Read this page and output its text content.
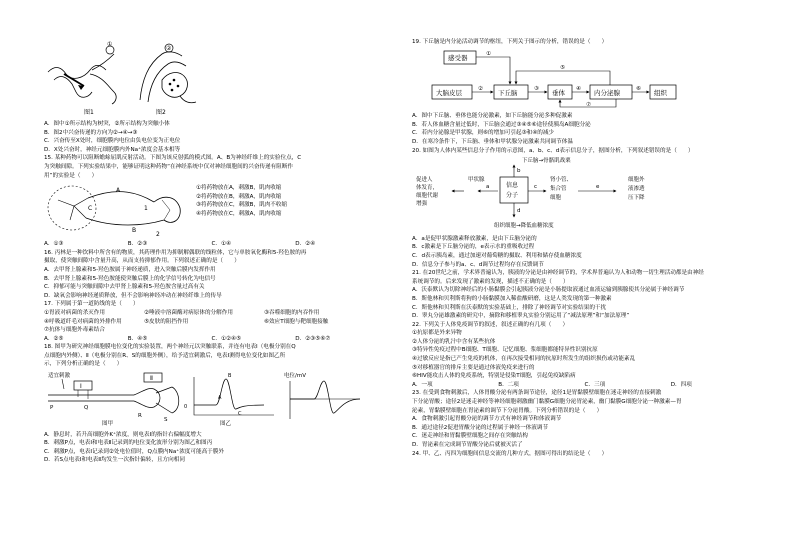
①
②
图1	图2

A．图中①所示结构为树突，②所示结构为突触小体

B．图2中兴奋传递的方向为②→④→③

C．兴奋传至X处时，细胞膜内电位由负电位变为正电位

D．X处兴奋时，神经元细胞膜内外Na⁺浓度会基本相等

15. 某种药物可以阻断蟾蜍屈肌反射活动。下图为该反射弧的模式图。A、B为神经纤维上的实验位点，C

为突触间隙。下列实验结果中，能够证明这种药物“在神经系统中仅对神经细胞间的兴奋传递有阻断作

用”的实验是（　　）

A
B
C	1
2

①将药物放在A，刺激B，肌肉收缩

②将药物放在B，刺激A，肌肉收缩

③将药物放在C，刺激B，肌肉不收缩

④将药物放在C，刺激A，肌肉收缩

A．①③	B．②③	C．①④	D．②④

16. 丙林是一种饮料中所含有的物质，其药理作用为抑制解偶联的线粒体，它与单胺氧化酶和5-羟色胺的再

摄取，使突触间隙中含量升高，从而支持抑郁作用。下列叙述正确的是（　　）

A．去甲肾上腺素和5-羟色胺属于神经递质，进入突触后膜内发挥作用

B．去甲肾上腺素和5-羟色胺能使突触后膜上的化学信号转化为电信号

C．抑郁可能与突触间隙中去甲肾上腺素和5-羟色胺含量过高有关

D．缺氧会影响神经递质释放，但不会影响神经冲动在神经纤维上的传导

17. 下列属于第一道防线的是（　　）

①胃液对病菌的杀灭作用	②唾液中溶菌酶对病原体的分解作用	③吞噬细胞的内吞作用
④呼吸道纤毛对病菌的外排作用	⑤皮肤的阻挡作用	⑥效应T细胞与靶细胞接触
⑦抗体与细胞外毒素结合
A．②⑤	B．④⑤	C．①②④⑤	D．②③⑤⑥⑦

18. 图甲为研究神经细胞膜电位变化的实验装置，两个神经元以突触联系，并连有电表Ⅰ（电极分别在Q

点细胞内外侧）、Ⅱ（电极分别在R、S的细胞外侧），给予适宜刺激后，电表Ⅰ测得电位变化如图乙所

示，下列分析正确的是（　　）

适宜刺激
Ⅰ
P	Q
Ⅱ
R
S
图甲
0
A
B
C
图乙
电位/mV

A．静息时，若升高细胞外K⁺浓度，则电表Ⅰ的指针右偏幅度增大

B．刺激P点，电表Ⅰ和电表Ⅱ记录到的电位变化波形分别为图乙和图丙

C．刺激P点，电表Ⅰ记录到②处电位值时，Q点膜内Na⁺浓度可能高于膜外

D．若S点电表Ⅰ和电表Ⅱ均发生一次指针偏转，且方向相同

19. 下丘脑是内分泌活动调节的枢纽，下列关于图示的分析，错误的是（　　）

感受器
大脑皮层	下丘脑	垂体	内分泌腺	组织
①
②	③	④
⑤
⑥
⑦

A．图中下丘脑、垂体也能分泌激素，如下丘脑能分泌多种促激素

B．若人体血糖含量过低时，下丘脑会通过③④⑤⑥途径使胰岛A细胞分泌

C．若内分泌腺是甲状腺，则⑥的增加可引起③和④的减少

D．在寒冷条件下，下丘脑、垂体和甲状腺分泌激素共同调节体温

20. 如图为人体内某些信息分子作用的示意图，a、b、c、d表示信息分子，据图分析，下列叙述错误的是（　　）

下丘脑→骨骼肌战栗
促进人
体发育，
细胞代谢
增强
甲状腺
a	信息
分子
b
c
肾小管、
集合管
细胞
e
细胞外
液渗透
压下降
d
组织细胞→降低血糖浓度

A．a是促甲状腺激素释放激素，是由下丘脑分泌的

B．c激素是下丘脑分泌的，e表示水的重吸收过程

C．d表示胰岛素，通过加速对葡萄糖的摄取、利用和储存使血糖浓度

D．信息分子参与的a、c、d调节过程均存在反馈调节

21. 在20世纪之前，学术界普遍认为，胰液的分泌是由神经调节的，学术界普遍认为人和动物一切生理活动都是由神经

系统调节的。后来发现了激素的发现，描述不正确的是（　　）

A．沃泰默认为切除神经后的小肠黏膜会引起胰液分泌是小肠提取液通过血液运输到胰腺使其分泌属于神经调节

B．斯他林和贝利斯将狗的小肠黏膜加入稀盐酸研磨，这是人类发现的第一种激素

C．斯他林和贝利斯在沃泰默的实验基础上，排除了神经调节对实验结果的干扰

D．睾丸分泌雄激素的研究中，摘除和移植睾丸实验分别运用了“减法原理”和“加法原理”

22. 下列关于人体免疫调节的叙述，叙述正确的有几项（　　）

①抗原都是外来异物

②人体分泌的乳汁中含有某些抗体

③特异性免疫过程中B细胞、T细胞、记忆细胞、浆细胞都能特异性识别抗原

④过敏反应是指已产生免疫的机体，在再次接受相同的抗原时所发生的组织损伤或功能紊乱

⑤对移植器官的排斥主要是通过体液免疫来进行的

⑥HIV能攻击人体的免疫系统，特别是侵染T细胞，引起免疫缺陷病

A．一项	B．二项	C．三项	D．四项

23. 在受到食物刺激后，人体胃酸分泌有两条调节途径，途径1是胃黏膜壁细胞在迷走神经的直接刺激

下分泌胃酸；途径2是迷走神经等神经细胞刺激幽门黏膜G细胞分泌胃泌素，幽门黏膜G细胞分泌一种激素—胃

泌素，胃黏膜壁细胞在胃泌素的调节下分泌胃酸。下列分析错误的是（　　）

A．食物刺激引起胃酸分泌的调节方式有神经调节和体液调节

B．通过途径2促进胃酸分泌的过程属于神经一体液调节

C．迷走神经和胃黏膜壁细胞之间存在突触结构

D．胃泌素在完成调节胃酸分泌后就被灭活了

24. 甲、乙、丙四为细胞间信息交流的几种方式，据图可得出的结论是（　　）
